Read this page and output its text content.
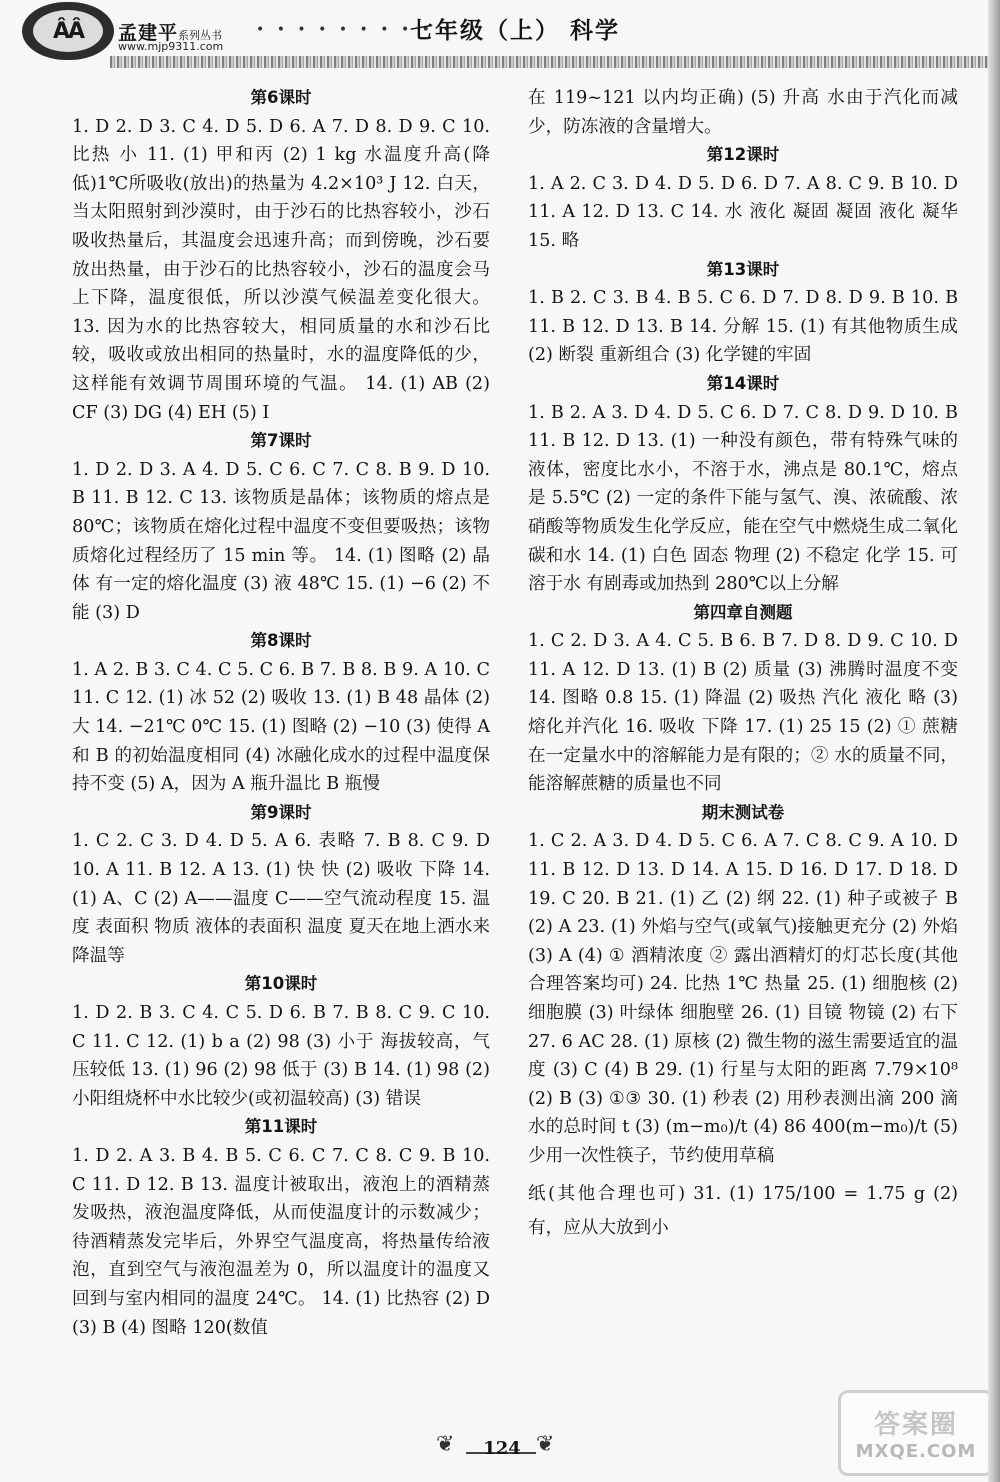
ÂÂ	孟建平系列丛书 • • • • • • • • • •
www.mjp9311.com
七年级（上） 科学
第6课时
1. D 2. D 3. C 4. D 5. D 6. A 7. D 8. D 9. C 10. 比热 小 11. (1) 甲和丙 (2) 1 kg 水温度升高(降低)1℃所吸收(放出)的热量为 4.2×10³ J 12. 白天，当太阳照射到沙漠时，由于沙石的比热容较小，沙石吸收热量后，其温度会迅速升高；而到傍晚，沙石要放出热量，由于沙石的比热容较小，沙石的温度会马上下降，温度很低，所以沙漠气候温差变化很大。 13. 因为水的比热容较大，相同质量的水和沙石比较，吸收或放出相同的热量时，水的温度降低的少，这样能有效调节周围环境的气温。 14. (1) AB (2) CF (3) DG (4) EH (5) I
第7课时
1. D 2. D 3. A 4. D 5. C 6. C 7. C 8. B 9. D 10. B 11. B 12. C 13. 该物质是晶体；该物质的熔点是 80℃；该物质在熔化过程中温度不变但要吸热；该物质熔化过程经历了 15 min 等。 14. (1) 图略 (2) 晶体 有一定的熔化温度 (3) 液 48℃ 15. (1) −6 (2) 不能 (3) D
第8课时
1. A 2. B 3. C 4. C 5. C 6. B 7. B 8. B 9. A 10. C 11. C 12. (1) 冰 52 (2) 吸收 13. (1) B 48 晶体 (2) 大 14. −21℃ 0℃ 15. (1) 图略 (2) −10 (3) 使得 A 和 B 的初始温度相同 (4) 冰融化成水的过程中温度保持不变 (5) A，因为 A 瓶升温比 B 瓶慢
第9课时
1. C 2. C 3. D 4. D 5. A 6. 表略 7. B 8. C 9. D 10. A 11. B 12. A 13. (1) 快 快 (2) 吸收 下降 14. (1) A、C (2) A——温度 C——空气流动程度 15. 温度 表面积 物质 液体的表面积 温度 夏天在地上洒水来降温等
第10课时
1. D 2. B 3. C 4. C 5. D 6. B 7. B 8. C 9. C 10. C 11. C 12. (1) b a (2) 98 (3) 小于 海拔较高，气压较低 13. (1) 96 (2) 98 低于 (3) B 14. (1) 98 (2) 小阳组烧杯中水比较少(或初温较高) (3) 错误
第11课时
1. D 2. A 3. B 4. B 5. C 6. C 7. C 8. C 9. B 10. C 11. D 12. B 13. 温度计被取出，液泡上的酒精蒸发吸热，液泡温度降低，从而使温度计的示数减少；待酒精蒸发完毕后，外界空气温度高，将热量传给液泡，直到空气与液泡温差为 0，所以温度计的温度又回到与室内相同的温度 24℃。 14. (1) 比热容 (2) D (3) B (4) 图略 120(数值
在 119~121 以内均正确) (5) 升高 水由于汽化而减少，防冻液的含量增大。
第12课时
1. A 2. C 3. D 4. D 5. D 6. D 7. A 8. C 9. B 10. D 11. A 12. D 13. C 14. 水 液化 凝固 凝固 液化 凝华 15. 略
第13课时
1. B 2. C 3. B 4. B 5. C 6. D 7. D 8. D 9. B 10. B 11. B 12. D 13. B 14. 分解 15. (1) 有其他物质生成 (2) 断裂 重新组合 (3) 化学键的牢固
第14课时
1. B 2. A 3. D 4. D 5. C 6. D 7. C 8. D 9. D 10. B 11. B 12. D 13. (1) 一种没有颜色，带有特殊气味的液体，密度比水小，不溶于水，沸点是 80.1℃，熔点是 5.5℃ (2) 一定的条件下能与氢气、溴、浓硫酸、浓硝酸等物质发生化学反应，能在空气中燃烧生成二氧化碳和水 14. (1) 白色 固态 物理 (2) 不稳定 化学 15. 可溶于水 有剧毒或加热到 280℃以上分解
第四章自测题
1. C 2. D 3. A 4. C 5. B 6. B 7. D 8. D 9. C 10. D 11. A 12. D 13. (1) B (2) 质量 (3) 沸腾时温度不变 14. 图略 0.8 15. (1) 降温 (2) 吸热 汽化 液化 略 (3) 熔化并汽化 16. 吸收 下降 17. (1) 25 15 (2) ① 蔗糖在一定量水中的溶解能力是有限的；② 水的质量不同，能溶解蔗糖的质量也不同
期末测试卷
1. C 2. A 3. D 4. D 5. C 6. A 7. C 8. C 9. A 10. D 11. B 12. D 13. D 14. A 15. D 16. D 17. D 18. D 19. C 20. B 21. (1) 乙 (2) 纲 22. (1) 种子或被子 B (2) A 23. (1) 外焰与空气(或氧气)接触更充分 (2) 外焰 (3) A (4) ① 酒精浓度 ② 露出酒精灯的灯芯长度(其他合理答案均可) 24. 比热 1℃ 热量 25. (1) 细胞核 (2) 细胞膜 (3) 叶绿体 细胞壁 26. (1) 目镜 物镜 (2) 右下 27. 6 AC 28. (1) 原核 (2) 微生物的滋生需要适宜的温度 (3) C (4) B 29. (1) 行星与太阳的距离 7.79×10⁸ (2) B (3) ①③ 30. (1) 秒表 (2) 用秒表测出滴 200 滴水的总时间 t (3) (m−m₀)/t (4) 86 400(m−m₀)/t (5) 少用一次性筷子，节约使用草稿
纸(其他合理也可) 31. (1) 175/100 = 1.75 g (2) 有，应从大放到小
❦	124 ❦
答案圈
MXQE.COM
